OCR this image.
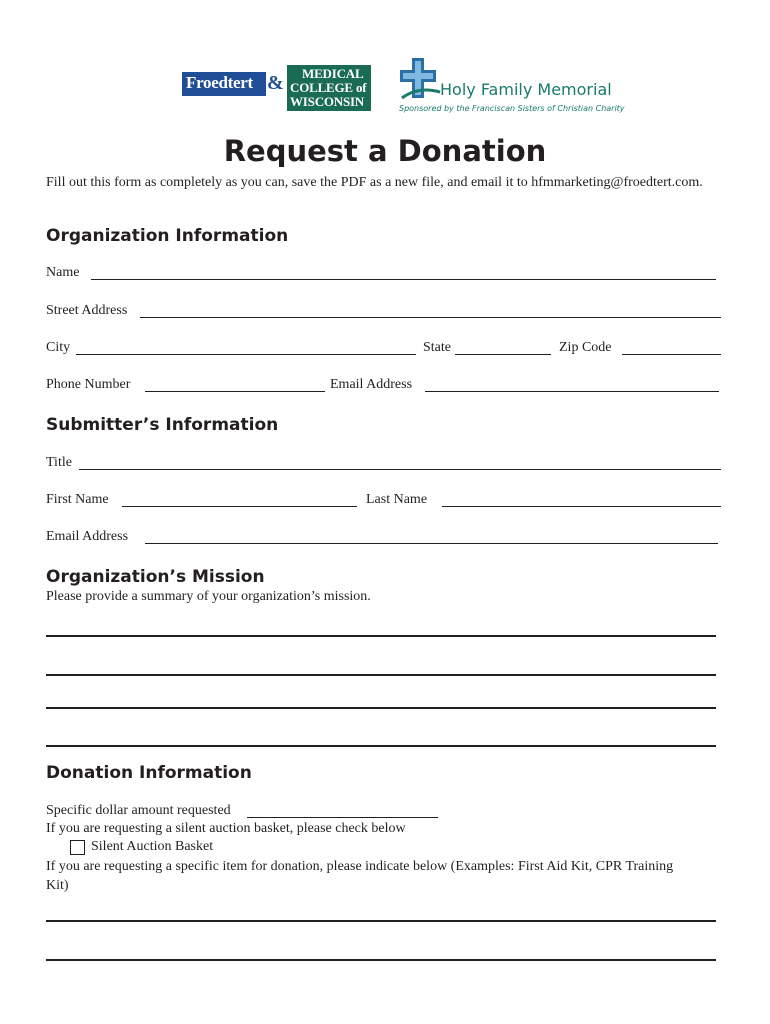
Froedtert & MEDICAL
COLLEGE of
WISCONSIN
Holy Family Memorial
Sponsored by the Franciscan Sisters of Christian Charity
Request a Donation
Fill out this form as completely as you can, save the PDF as a new file, and email it to hfmmarketing@froedtert.com.
Organization Information
Name
Street Address
City	State	Zip Code
Phone Number	Email Address
Submitter’s Information
Title
First Name	Last Name
Email Address
Organization’s Mission
Please provide a summary of your organization’s mission.
Donation Information
Specific dollar amount requested
If you are requesting a silent auction basket, please check below
Silent Auction Basket
If you are requesting a specific item for donation, please indicate below (Examples: First Aid Kit, CPR Training
Kit)
